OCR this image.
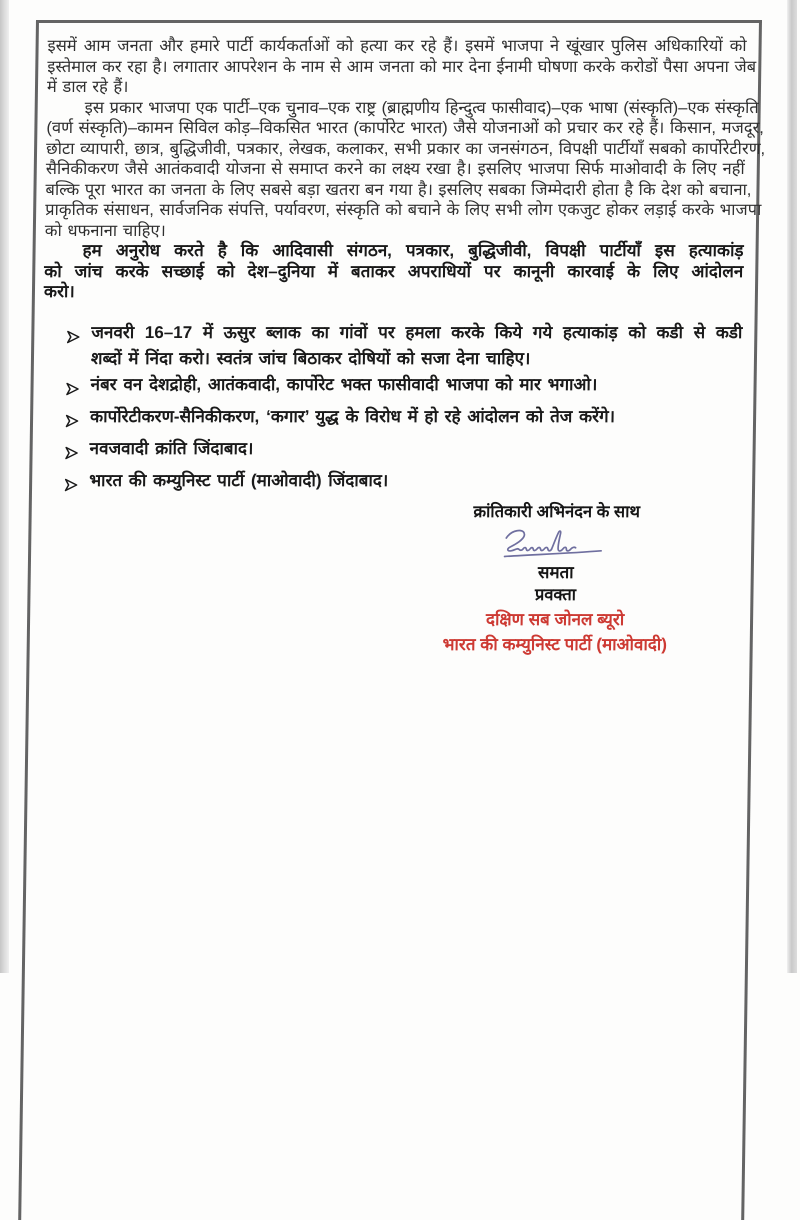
इसमें आम जनता और हमारे पार्टी कार्यकर्ताओं को हत्या कर रहे हैं। इसमें भाजपा ने खूंखार पुलिस अधिकारियों को
इस्तेमाल कर रहा है। लगातार आपरेशन के नाम से आम जनता को मार देना ईनामी घोषणा करके करोडों पैसा अपना जेब
में डाल रहे हैं।
इस प्रकार भाजपा एक पार्टी–एक चुनाव–एक राष्ट्र (ब्राह्मणीय हिन्दुत्व फासीवाद)–एक भाषा (संस्कृति)–एक संस्कृति
(वर्ण संस्कृति)–कामन सिविल कोड़–विकसित भारत (कार्पोरेट भारत) जैसे योजनाओं को प्रचार कर रहे हैं। किसान, मजदूर,
छोटा व्यापारी, छात्र, बुद्धिजीवी, पत्रकार, लेखक, कलाकर, सभी प्रकार का जनसंगठन, विपक्षी पार्टीयाँ सबको कार्पोरेटीरण,
सैनिकीकरण जैसे आतंकवादी योजना से समाप्त करने का लक्ष्य रखा है। इसलिए भाजपा सिर्फ माओवादी के लिए नहीं
बल्कि पूरा भारत का जनता के लिए सबसे बड़ा खतरा बन गया है। इसलिए सबका जिम्मेदारी होता है कि देश को बचाना,
प्राकृतिक संसाधन, सार्वजनिक संपत्ति, पर्यावरण, संस्कृति को बचाने के लिए सभी लोग एकजुट होकर लड़ाई करके भाजपा
को धफनाना चाहिए।
हम अनुरोध करते है कि आदिवासी संगठन, पत्रकार, बुद्धिजीवी, विपक्षी पार्टीयाँ इस हत्याकांड़
को जांच करके सच्छाई को देश–दुनिया में बताकर अपराधियों पर कानूनी कारवाई के लिए आंदोलन
करो।
जनवरी 16–17 में ऊसुर ब्लाक का गांवों पर हमला करके किये गये हत्याकांड़ को कडी से कडी
शब्दों में निंदा करो। स्वतंत्र जांच बिठाकर दोषियों को सजा देना चाहिए।
नंबर वन देशद्रोही, आतंकवादी, कार्पोरेट भक्त फासीवादी भाजपा को मार भगाओ।
कार्पोरेटीकरण-सैनिकीकरण, ‘कगार’ युद्ध के विरोध में हो रहे आंदोलन को तेज करेंगे।
नवजवादी क्रांति जिंदाबाद।
भारत की कम्युनिस्ट पार्टी (माओवादी) जिंदाबाद।
क्रांतिकारी अभिनंदन के साथ
समता
प्रवक्ता
दक्षिण सब जोनल ब्यूरो
भारत की कम्युनिस्ट पार्टी (माओवादी)
